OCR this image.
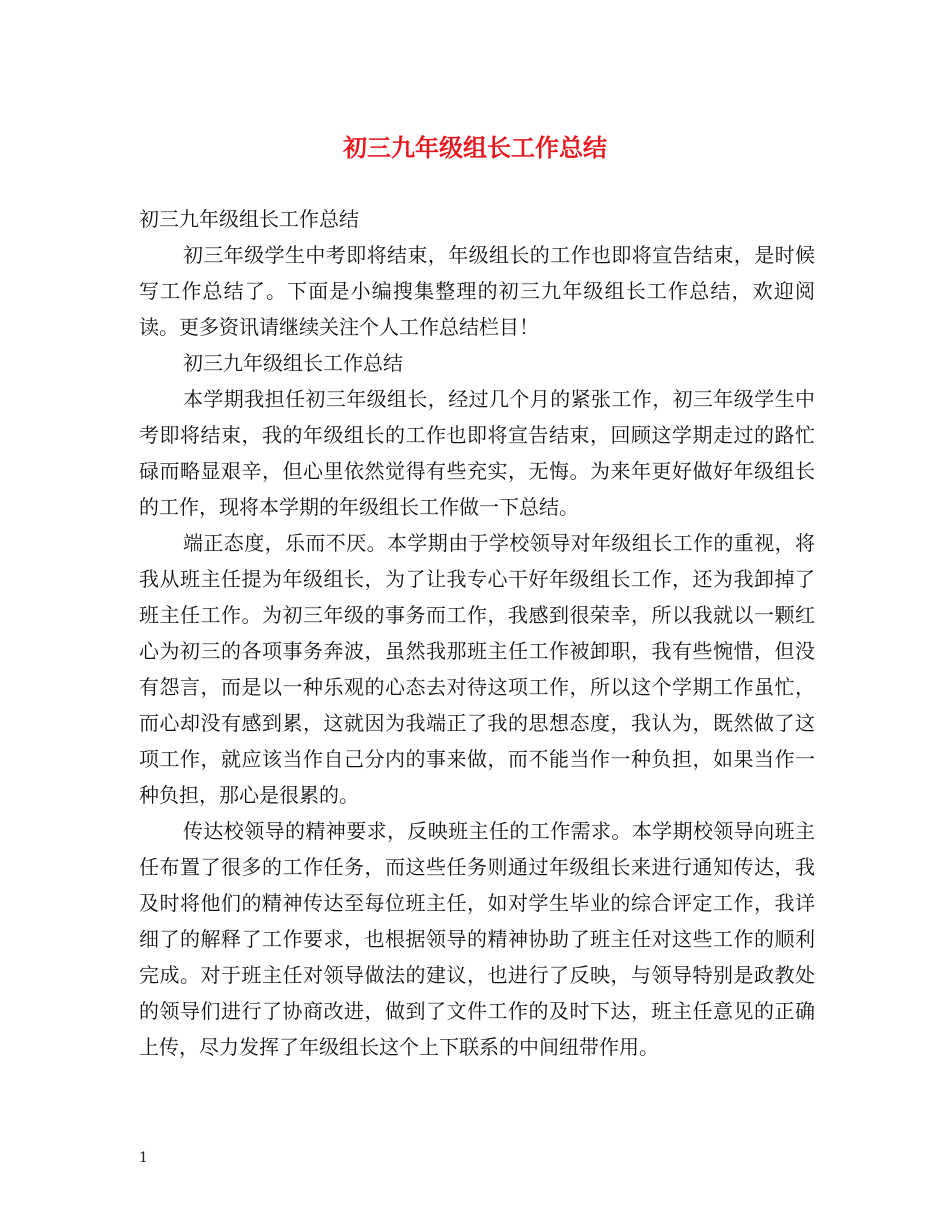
初三九年级组长工作总结

初三九年级组长工作总结

初三年级学生中考即将结束，年级组长的工作也即将宣告结束，是时候写工作总结了。下面是小编搜集整理的初三九年级组长工作总结，欢迎阅读。更多资讯请继续关注个人工作总结栏目！

初三九年级组长工作总结

本学期我担任初三年级组长，经过几个月的紧张工作，初三年级学生中考即将结束，我的年级组长的工作也即将宣告结束，回顾这学期走过的路忙碌而略显艰辛，但心里依然觉得有些充实，无悔。为来年更好做好年级组长的工作，现将本学期的年级组长工作做一下总结。

端正态度，乐而不厌。本学期由于学校领导对年级组长工作的重视，将我从班主任提为年级组长，为了让我专心干好年级组长工作，还为我卸掉了班主任工作。为初三年级的事务而工作，我感到很荣幸，所以我就以一颗红心为初三的各项事务奔波，虽然我那班主任工作被卸职，我有些惋惜，但没有怨言，而是以一种乐观的心态去对待这项工作，所以这个学期工作虽忙，而心却没有感到累，这就因为我端正了我的思想态度，我认为，既然做了这项工作，就应该当作自己分内的事来做，而不能当作一种负担，如果当作一种负担，那心是很累的。

传达校领导的精神要求，反映班主任的工作需求。本学期校领导向班主任布置了很多的工作任务，而这些任务则通过年级组长来进行通知传达，我及时将他们的精神传达至每位班主任，如对学生毕业的综合评定工作，我详细了的解释了工作要求，也根据领导的精神协助了班主任对这些工作的顺利完成。对于班主任对领导做法的建议，也进行了反映，与领导特别是政教处的领导们进行了协商改进，做到了文件工作的及时下达，班主任意见的正确上传，尽力发挥了年级组长这个上下联系的中间纽带作用。

1
